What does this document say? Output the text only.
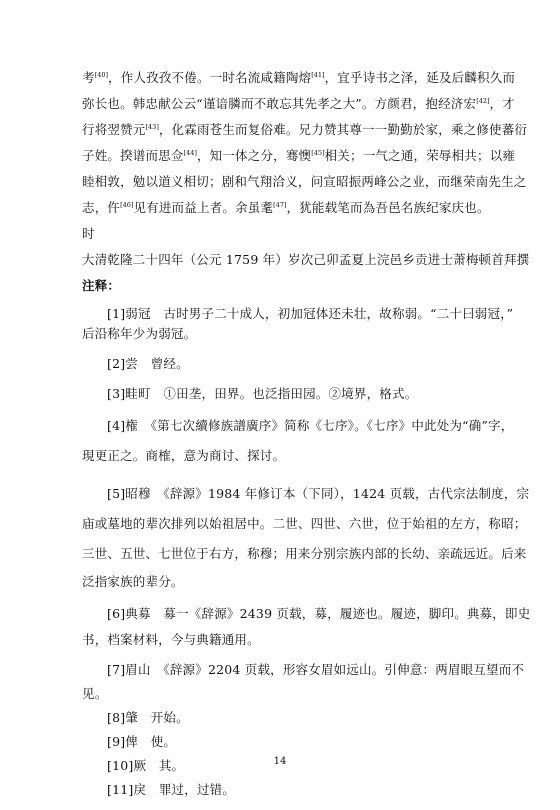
考[40]，作人孜孜不倦。一时名流咸籍陶熔[41]，宜乎诗书之泽，延及后麟积久而
弥长也。韩忠献公云“谨谙膦而不敢忘其先孝之大”。方颜君，抱经济宏[42]，才
行将翌赞元[43]，化霖雨苍生而复俗难。兄力赞其尊一一勤勤於家，乘之修使蕃衍
子姓。揆谱而思佥[44]，知一体之分，骞懊[45]相关；一气之通，荣辱相共；以雍
睦相敦，勉以道义相切；剧和气翔洽义，问宣昭振两峰公之业，而继荣南先生之
志，仵[46]见有进而益上者。余虽耄[47]，犹能载笔而為吾邑名族纪家庆也。
时
大清乾隆二十四年（公元 1759 年）岁次己卯孟夏上浣邑乡贡进士萧梅顿首拜撰
注释：
[1]弱冠　古时男子二十成人，初加冠体还未壮，故称弱。“二十曰弱冠，”
后沿称年少为弱冠。
[2]尝　曾经。
[3]畦町　①田垄，田界。也泛指田园。②境界，格式。
[4]権　《第七次續修族譜廣序》简称《七序》。《七序》中此处为“确”字，
現更正之。商榷，意为商讨、探讨。
[5]昭穆　《辞源》1984 年修订本（下同），1424 页载，古代宗法制度，宗
庙或墓地的辈次排列以始祖居中。二世、四世、六世，位于始祖的左方，称昭；
三世、五世、七世位于右方，称穆；用来分别宗族内部的长幼、亲疏远近。后来
泛指家族的辈分。
[6]典募　募一《辞源》2439 页载，募，履迹也。履迹，脚印。典募，即史
书，档案材料，今与典籍通用。
[7]眉山　《辞源》2204 页载，形容女眉如远山。引伸意：两眉眼互望而不
见。
[8]肇　开始。
[9]俾　使。
[10]厥　其。
[11]戾　罪过，过错。
14
